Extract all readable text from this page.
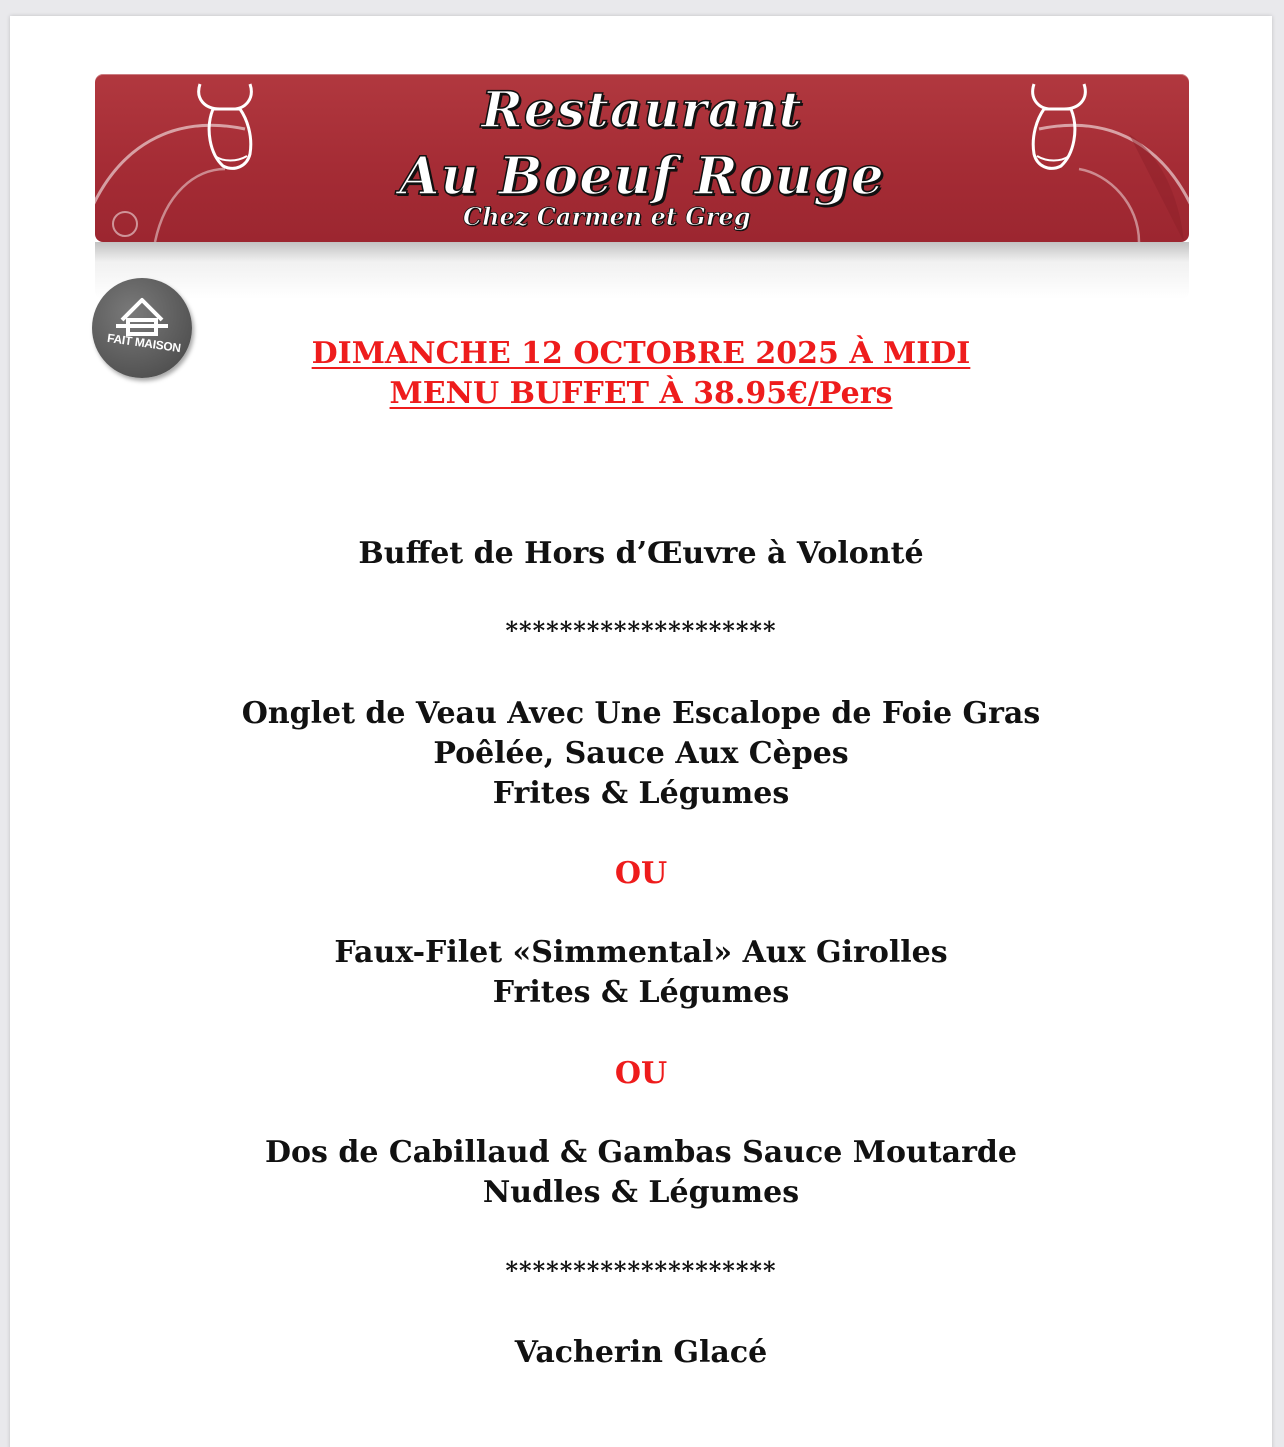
Restaurant
Au Boeuf Rouge
Chez Carmen et Greg
FAIT MAISON	DIMANCHE 12 OCTOBRE 2025 À MIDI
MENU BUFFET À 38.95€/Pers
Buffet de Hors d’Œuvre à Volonté
********************
Onglet de Veau Avec Une Escalope de Foie Gras
Poêlée, Sauce Aux Cèpes
Frites & Légumes
OU
Faux-Filet «Simmental» Aux Girolles
Frites & Légumes
OU
Dos de Cabillaud & Gambas Sauce Moutarde
Nudles & Légumes
********************
Vacherin Glacé
